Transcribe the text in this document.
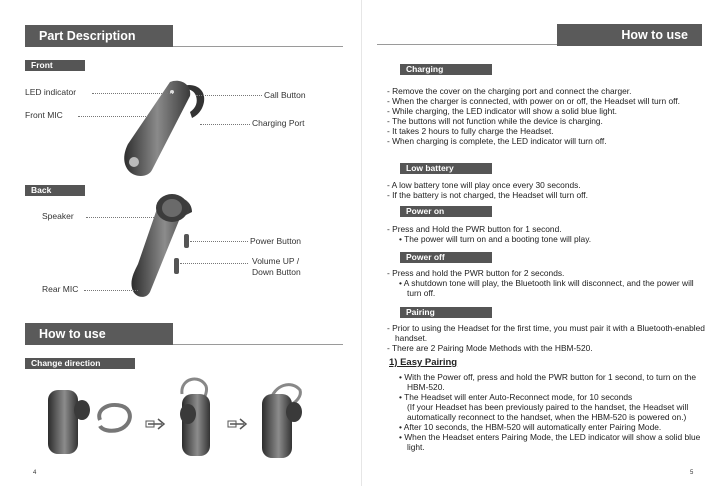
Part Description
Front
LED indicator
Front MIC
Call Button
Charging Port
Back
Speaker
Power Button
Volume UP /
Down Button
Rear MIC
How to use
Change direction
4
How to use
Charging
- Remove the cover on the charging port and connect the charger.
- When the charger is connected, with power on or off, the Headset will turn off.
- While charging, the LED indicator will show a solid blue light.
- The buttons will not function while the device is charging.
- It takes 2 hours to fully charge the Headset.
- When charging is complete, the LED indicator will turn off.
Low battery
- A low battery tone will play once every 30 seconds.
- If the battery is not charged, the Headset will turn off.
Power on
- Press and Hold the PWR button for 1 second.
• The power will turn on and a booting tone will play.
Power off
- Press and hold the PWR button for 2 seconds.
• A shutdown tone will play, the Bluetooth link will disconnect, and the power will turn off.
Pairing
- Prior to using the Headset for the first time, you must pair it with a Bluetooth-enabled handset.
- There are 2 Pairing Mode Methods with the HBM-520.
1) Easy Pairing
• With the Power off, press and hold the PWR button for 1 second, to turn on the HBM-520.
• The Headset will enter Auto-Reconnect mode, for 10 seconds
(If your Headset has been previously paired to the handset, the Headset will automatically reconnect to the handset, when the HBM-520 is powered on.)
• After 10 seconds, the HBM-520 will automatically enter Pairing Mode.
• When the Headset enters Pairing Mode, the LED indicator will show a solid blue light.
5
